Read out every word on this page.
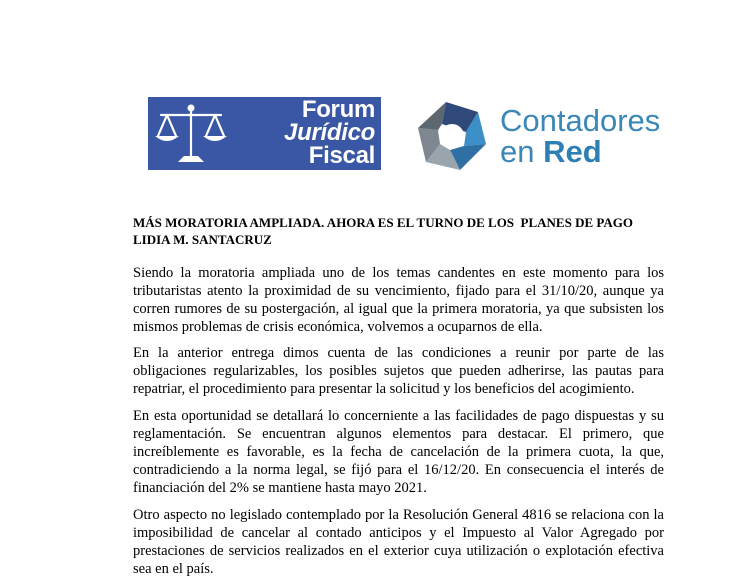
Forum
Jurídico
Fiscal
Contadores
en Red
MÁS MORATORIA AMPLIADA. AHORA ES EL TURNO DE LOS  PLANES DE PAGO
LIDIA M. SANTACRUZ
Siendo la moratoria ampliada uno de los temas candentes en este momento para los tributaristas atento la proximidad de su vencimiento, fijado para el 31/10/20, aunque ya corren rumores de su postergación, al igual que la primera moratoria, ya que subsisten los mismos problemas de crisis económica, volvemos a ocuparnos de ella.
En la anterior entrega dimos cuenta de las condiciones a reunir por parte de las obligaciones regularizables, los posibles sujetos que pueden adherirse, las pautas para repatriar, el procedimiento para presentar la solicitud y los beneficios del acogimiento.
En esta oportunidad se detallará lo concerniente a las facilidades de pago dispuestas y su reglamentación. Se encuentran algunos elementos para destacar. El primero, que increíblemente es favorable, es la fecha de cancelación de la primera cuota, la que, contradiciendo a la norma legal, se fijó para el 16/12/20. En consecuencia el interés de financiación del 2% se mantiene hasta mayo 2021.
Otro aspecto no legislado contemplado por la Resolución General 4816 se relaciona con la imposibilidad de cancelar al contado anticipos y el Impuesto al Valor Agregado por prestaciones de servicios realizados en el exterior cuya utilización o explotación efectiva sea en el país.
